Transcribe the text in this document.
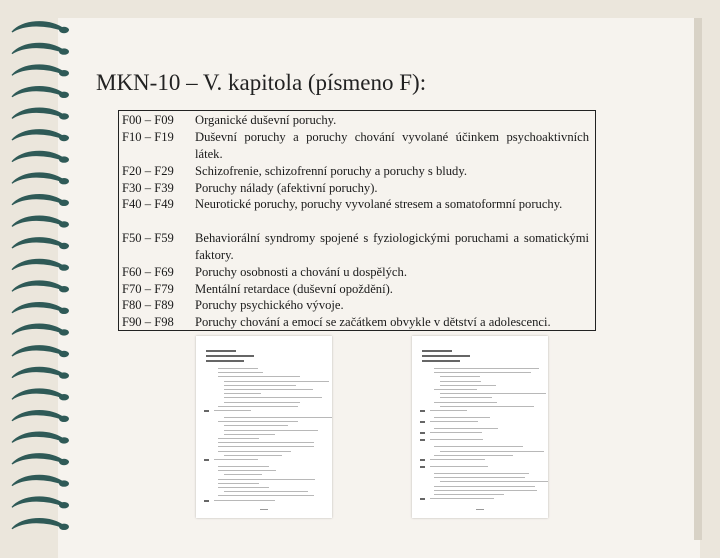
MKN-10 – V. kapitola (písmeno F):
F00 – F09	Organické duševní poruchy.
F10 – F19	Duševní poruchy a poruchy chování vyvolané účinkem psychoaktivních látek.
F20 – F29	Schizofrenie, schizofrenní poruchy a poruchy s bludy.
F30 – F39	Poruchy nálady (afektivní poruchy).
F40 – F49	Neurotické poruchy, poruchy vyvolané stresem a somatoformní poruchy.
F50 – F59	Behaviorální syndromy spojené s fyziologickými poruchami a somatickými faktory.
F60 – F69	Poruchy osobnosti a chování u dospělých.
F70 – F79	Mentální retardace (duševní opoždění).
F80 – F89	Poruchy psychického vývoje.
F90 – F98	Poruchy chování a emocí se začátkem obvykle v dětství a adolescenci.
